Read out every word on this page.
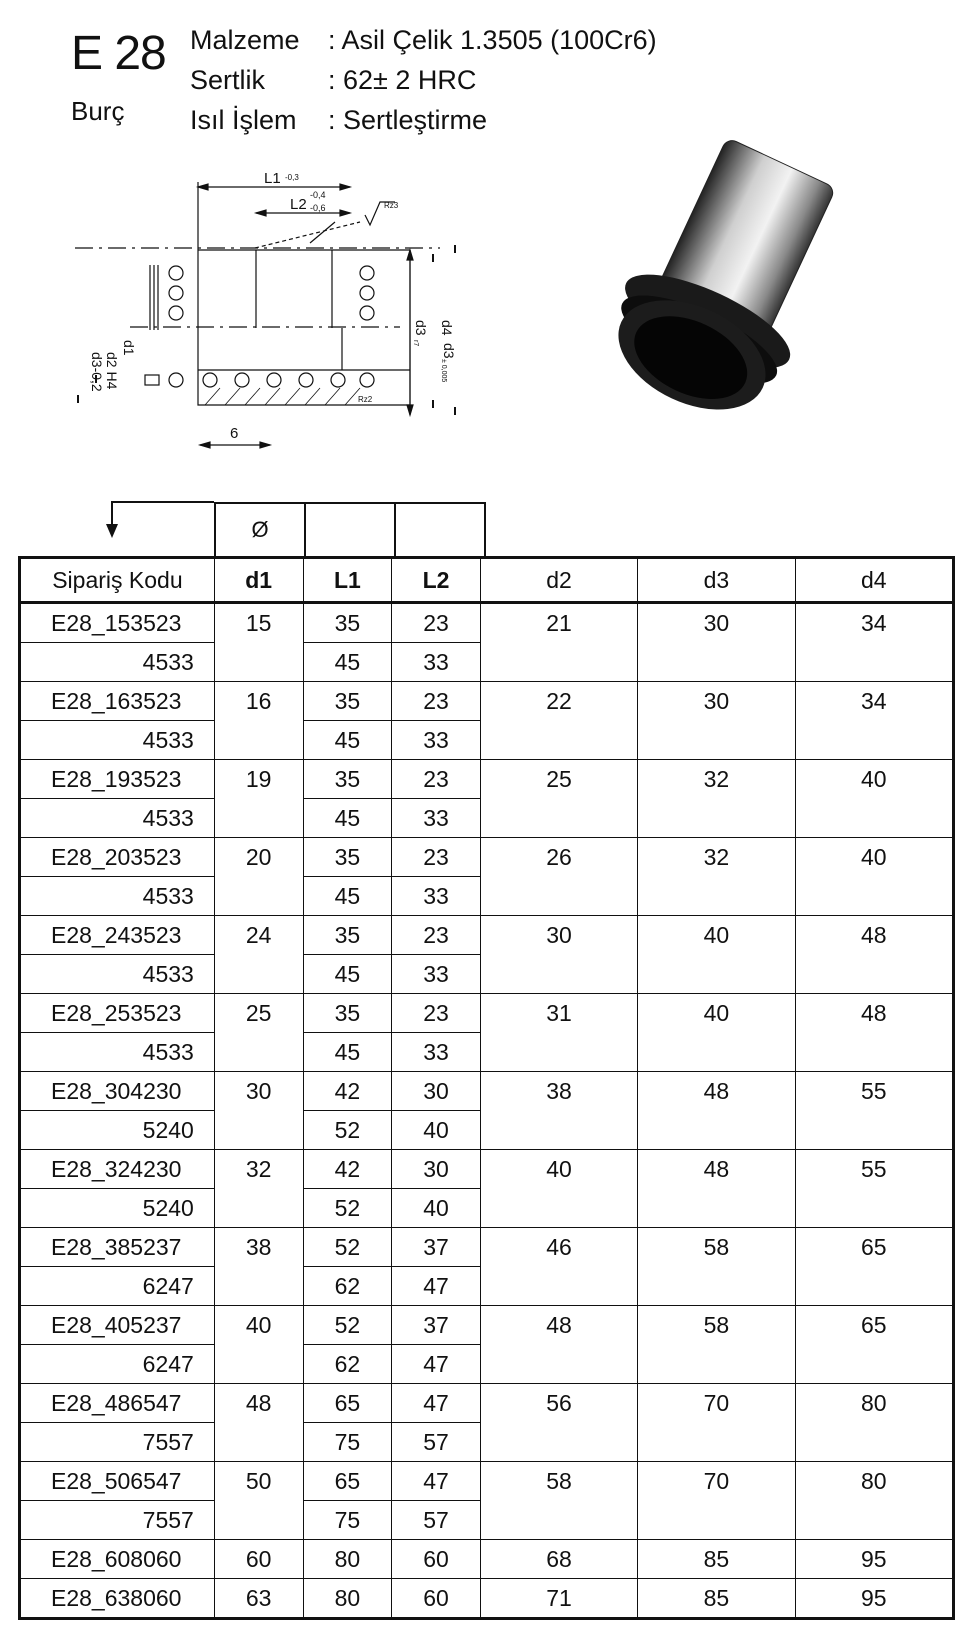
E 28
Burç
Malzeme	: Asil Çelik 1.3505 (100Cr6)
Sertlik	: 62± 2 HRC
Isıl İşlem	: Sertleştirme
L1 -0,3
L2
-0,4
-0,6	Rz3
Rz2
d3-0,2 d2 H4
d1
d3
r7
d4
d3
± 0,005
6
Ø		
Sipariş Kodu	d1	L1	L2	d2	d3	d4
E28_153523	15	35	23	21	30	34
4533		45	33			
E28_163523	16	35	23	22	30	34
4533		45	33			
E28_193523	19	35	23	25	32	40
4533		45	33			
E28_203523	20	35	23	26	32	40
4533		45	33			
E28_243523	24	35	23	30	40	48
4533		45	33			
E28_253523	25	35	23	31	40	48
4533		45	33			
E28_304230	30	42	30	38	48	55
5240		52	40			
E28_324230	32	42	30	40	48	55
5240		52	40			
E28_385237	38	52	37	46	58	65
6247		62	47			
E28_405237	40	52	37	48	58	65
6247		62	47			
E28_486547	48	65	47	56	70	80
7557		75	57			
E28_506547	50	65	47	58	70	80
7557		75	57			
E28_608060	60	80	60	68	85	95
E28_638060	63	80	60	71	85	95
